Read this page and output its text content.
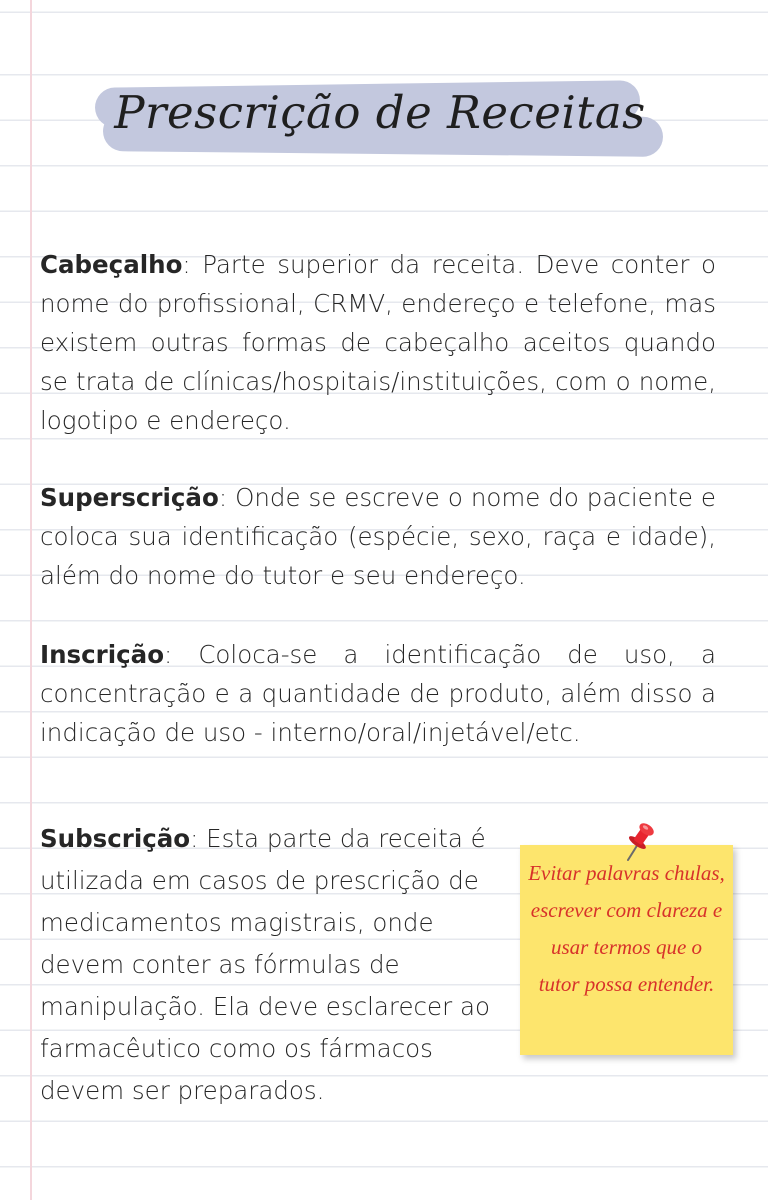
Prescrição de Receitas

Cabeçalho: Parte superior da receita. Deve conter o nome do profissional, CRMV, endereço e telefone, mas existem outras formas de cabeçalho aceitos quando se trata de clínicas/hospitais/instituições, com o nome, logotipo e endereço.

Superscrição: Onde se escreve o nome do paciente e coloca sua identificação (espécie, sexo, raça e idade), além do nome do tutor e seu endereço.

Inscrição: Coloca-se a identificação de uso, a concentração e a quantidade de produto, além disso a indicação de uso - interno/oral/injetável/etc.

Subscrição: Esta parte da receita é utilizada em casos de prescrição de medicamentos magistrais, onde devem conter as fórmulas de manipulação. Ela deve esclarecer ao farmacêutico como os fármacos devem ser preparados.

Evitar palavras chulas, escrever com clareza e usar termos que o tutor possa entender.
